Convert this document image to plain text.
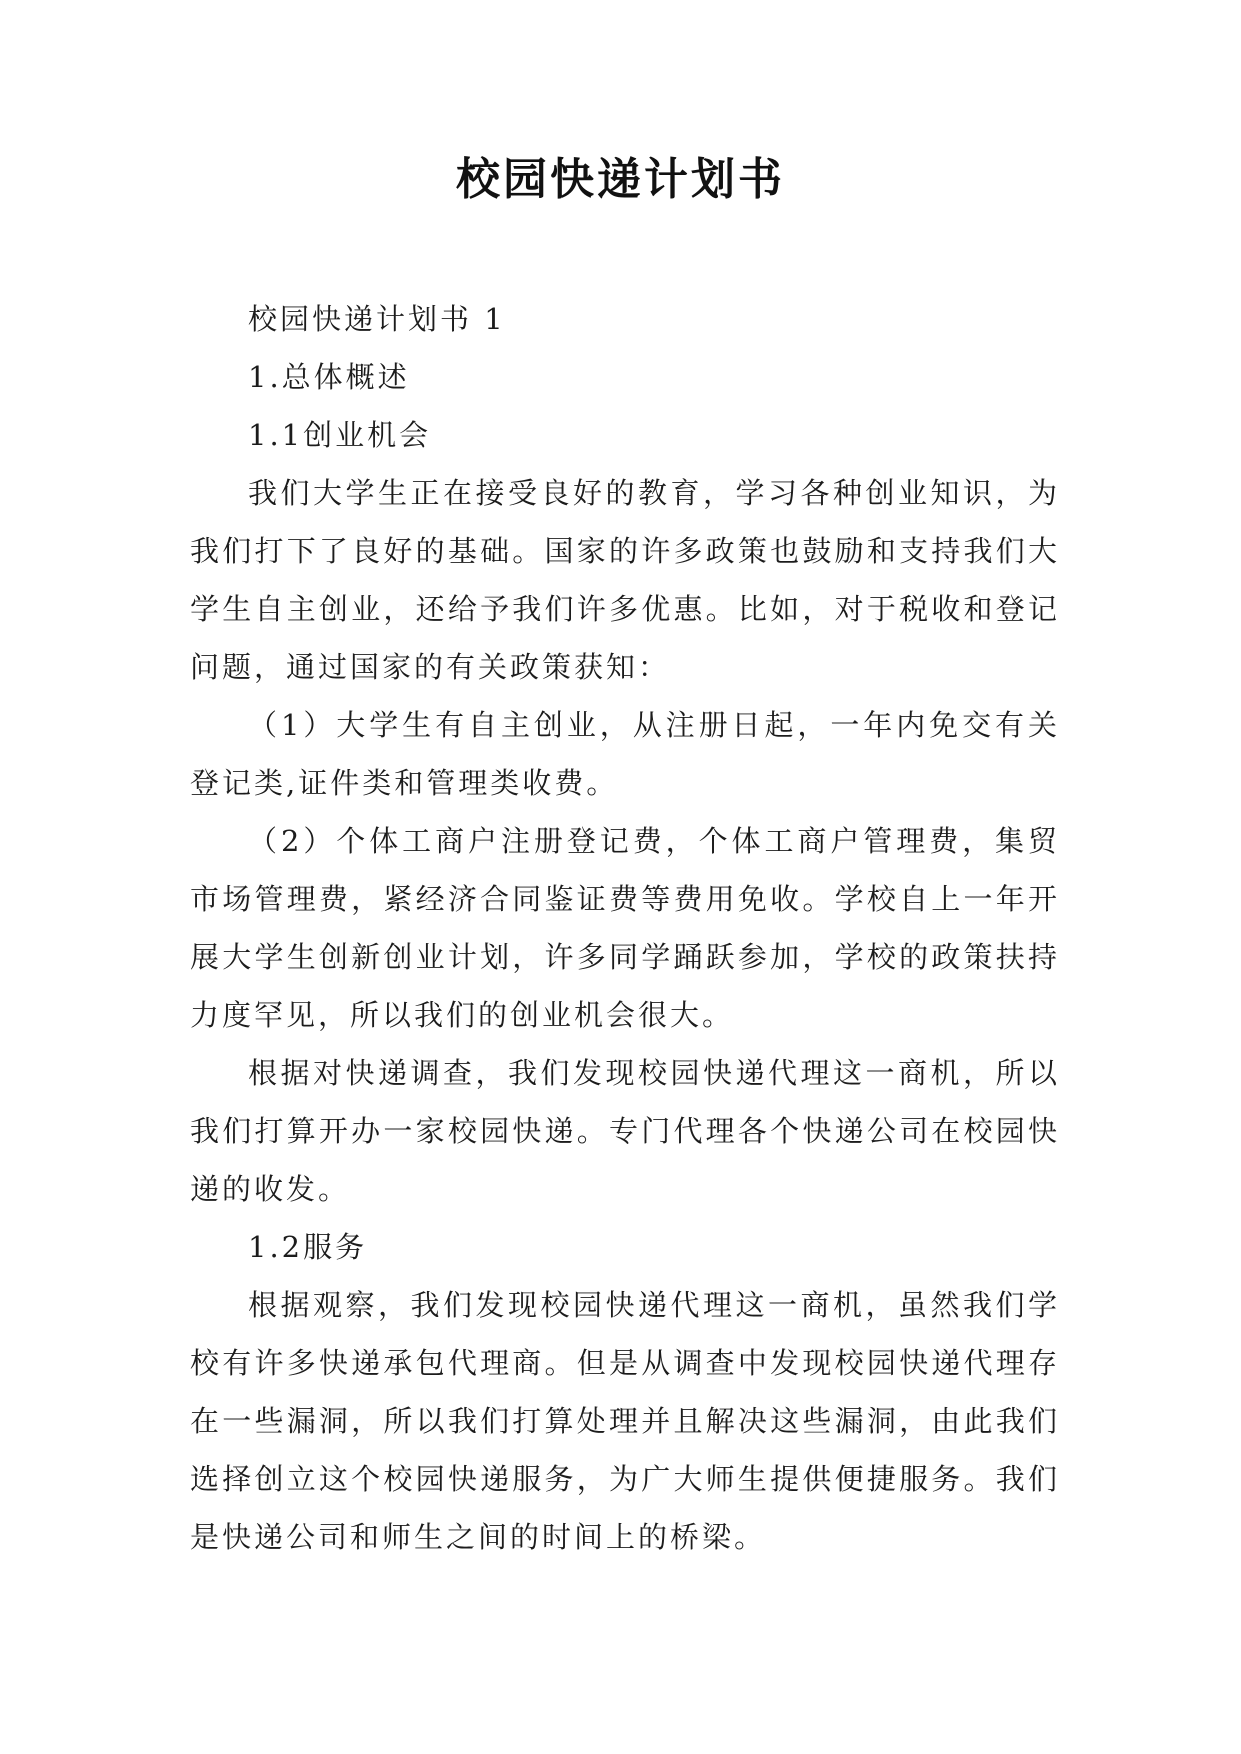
校园快递计划书

校园快递计划书 1

1.总体概述

1.1创业机会

我们大学生正在接受良好的教育，学习各种创业知识，为我们打下了良好的基础。国家的许多政策也鼓励和支持我们大学生自主创业，还给予我们许多优惠。比如，对于税收和登记问题，通过国家的有关政策获知：

（1）大学生有自主创业，从注册日起，一年内免交有关登记类,证件类和管理类收费。

（2）个体工商户注册登记费，个体工商户管理费，集贸市场管理费，紧经济合同鉴证费等费用免收。学校自上一年开展大学生创新创业计划，许多同学踊跃参加，学校的政策扶持力度罕见，所以我们的创业机会很大。

根据对快递调查，我们发现校园快递代理这一商机，所以我们打算开办一家校园快递。专门代理各个快递公司在校园快递的收发。

1.2服务

根据观察，我们发现校园快递代理这一商机，虽然我们学校有许多快递承包代理商。但是从调查中发现校园快递代理存在一些漏洞，所以我们打算处理并且解决这些漏洞，由此我们选择创立这个校园快递服务，为广大师生提供便捷服务。我们是快递公司和师生之间的时间上的桥梁。
